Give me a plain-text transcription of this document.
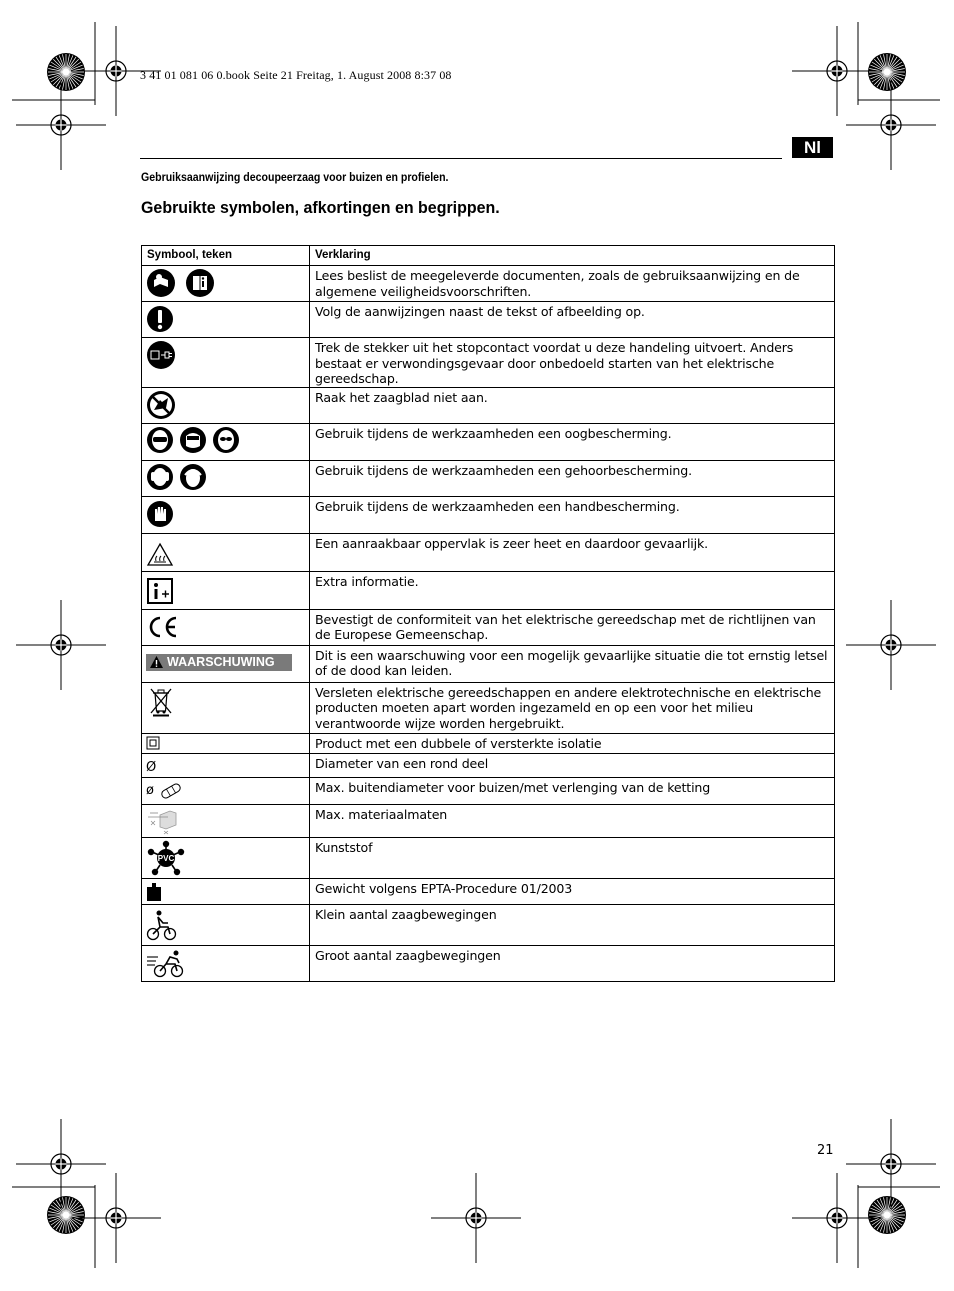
3 41 01 081 06 0.book Seite 21 Freitag, 1. August 2008 8:37 08
Nl
Gebruiksaanwijzing decoupeerzaag voor buizen en profielen.
Gebruikte symbolen, afkortingen en begrippen.
Symbool, teken	Verklaring

	Lees beslist de meegeleverde documenten, zoals de gebruiksaanwijzing en de algemene veiligheidsvoorschriften.

	Volg de aanwijzingen naast de tekst of afbeelding op.

	Trek de stekker uit het stopcontact voordat u deze handeling uitvoert. Anders bestaat er verwondingsgevaar door onbedoeld starten van het elektrische gereedschap.

	Raak het zaagblad niet aan.

	Gebruik tijdens de werkzaamheden een oogbescherming.

	Gebruik tijdens de werkzaamheden een gehoorbescherming.

	Gebruik tijdens de werkzaamheden een handbescherming.

	Een aanraakbaar oppervlak is zeer heet en daardoor gevaarlijk.

	Extra informatie.

	Bevestigt de conformiteit van het elektrische gereedschap met de richtlijnen van de Europese Gemeenschap.

WAARSCHUWING	Dit is een waarschuwing voor een mogelijk gevaarlijke situatie die tot ernstig letsel of de dood kan leiden.

	Versleten elektrische gereedschappen en andere elektrotechnische en elektrische producten moeten apart worden ingezameld en op een voor het milieu verantwoorde wijze worden hergebruikt.

	Product met een dubbele of versterkte isolatie
Ø	Diameter van een rond deel

ø	Max. buitendiameter voor buizen/met verlenging van de ketting

	Max. materiaalmaten

PVC	Kunststof

	Gewicht volgens EPTA-Procedure 01/2003

	Klein aantal zaagbewegingen

	Groot aantal zaagbewegingen
21
